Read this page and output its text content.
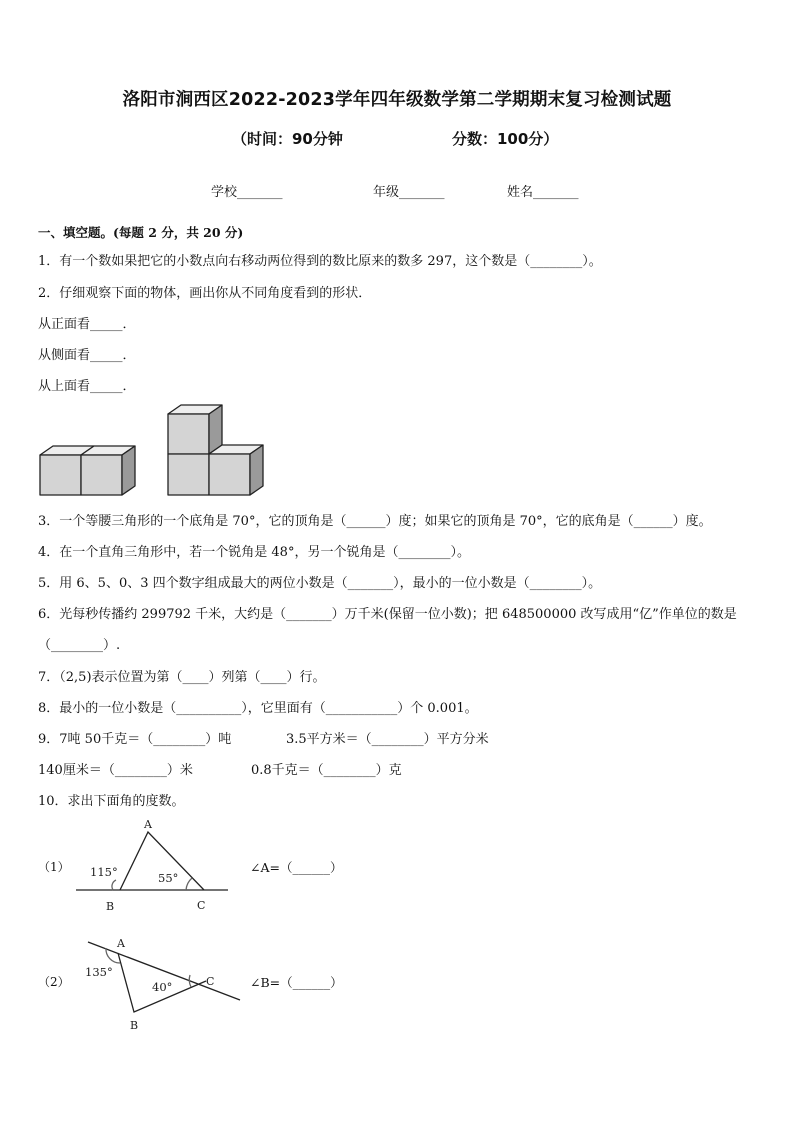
洛阳市涧西区2022-2023学年四年级数学第二学期期末复习检测试题
（时间：90分钟	分数：100分）
学校_______	年级_______	姓名_______
一、填空题。(每题 2 分，共 20 分)
1．有一个数如果把它的小数点向右移动两位得到的数比原来的数多 297，这个数是（________）。
2．仔细观察下面的物体，画出你从不同角度看到的形状．
从正面看_____．
从侧面看_____．
从上面看_____．
3．一个等腰三角形的一个底角是 70°，它的顶角是（______）度；如果它的顶角是 70°，它的底角是（______）度。
4．在一个直角三角形中，若一个锐角是 48°，另一个锐角是（________）。
5．用 6、5、0、3 四个数字组成最大的两位小数是（_______），最小的一位小数是（________）。
6．光每秒传播约 299792 千米，大约是（_______）万千米(保留一位小数)；把 648500000 改写成用“亿”作单位的数是
（________）.
7．（2,5)表示位置为第（____）列第（____）行。
8．最小的一位小数是（__________），它里面有（___________）个 0.001。
9．7吨 50千克＝（________）吨	3.5平方米＝（________）平方分米
140厘米＝（________）米	0.8千克＝（________）克
10．求出下面角的度数。
（1）
A
B	C
115°	55°
∠A=（______）
（2）
A
B
C
135°
40°	∠B=（______）
